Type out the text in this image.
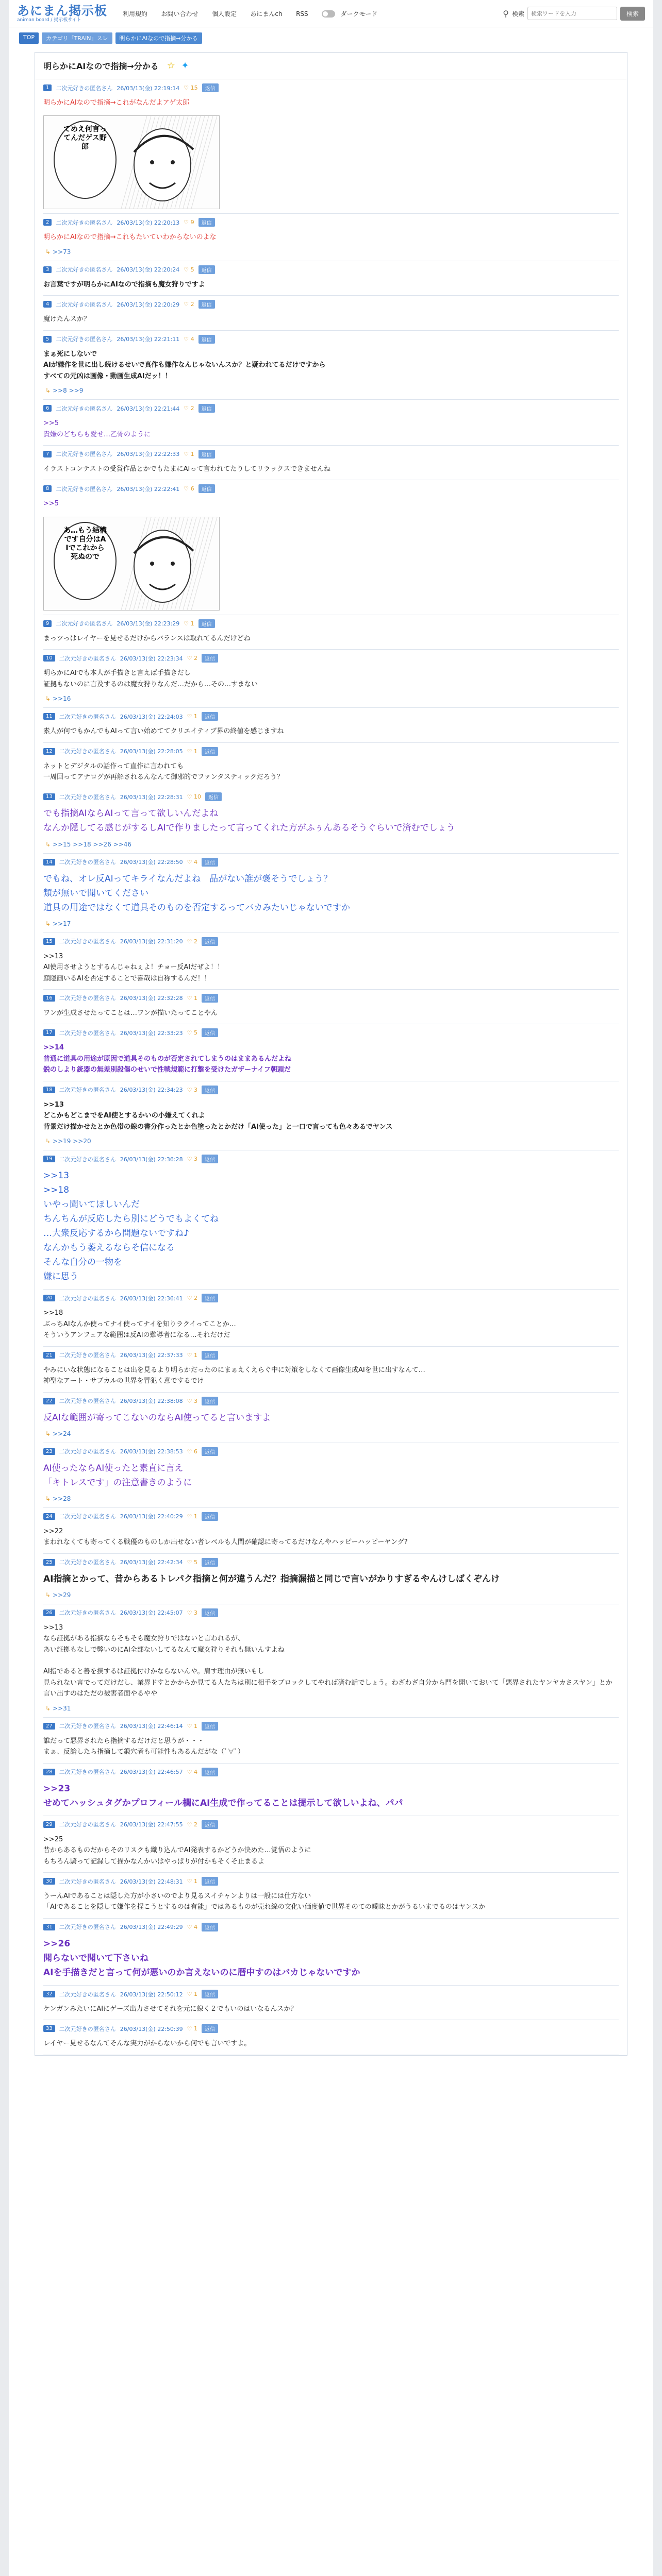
あにまん掲示板
animan board / 掲示板サイト
利用規約 お問い合わせ 個人設定 あにまんch RSS	ダークモード	⚲ 検索
検索ワードを入力	検索
TOP	カテゴリ「TRAIN」スレ	明らかにAIなので指摘→分かる
明らかにAIなので指摘→分かる ☆ ✦
1	二次元好きの匿名さん 26/03/13(金) 22:19:14 ♡ 15	返信
明らかにAIなので指摘→これがなんだよアゲ太郎
てめえ何言ってんだゲス野郎
2	二次元好きの匿名さん 26/03/13(金) 22:20:13 ♡ 9	返信
明らかにAIなので指摘→これもたいていわからないのよな
↳ >>73
3	二次元好きの匿名さん 26/03/13(金) 22:20:24 ♡ 5	返信
お言葉ですが明らかにAIなので指摘も魔女狩りですよ
4	二次元好きの匿名さん 26/03/13(金) 22:20:29 ♡ 2	返信
魔けたんスか？
5	二次元好きの匿名さん 26/03/13(金) 22:21:11 ♡ 4	返信
まぁ死にしないで
AIが嫌作を世に出し続けるせいで真作も嫌作なんじゃないんスか？と疑われてるだけですから
すべての元凶は画像・動画生成AIだッ！！
↳ >>8 >>9
6	二次元好きの匿名さん 26/03/13(金) 22:21:44 ♡ 2	返信
>>5
貴嫌のどちらも愛せ…乙骨のように
7	二次元好きの匿名さん 26/03/13(金) 22:22:33 ♡ 1	返信
イラストコンテストの受賞作品とかでもたまにAIって言われてたりしてリラックスできませんね
8	二次元好きの匿名さん 26/03/13(金) 22:22:41 ♡ 6	返信
>>5
あ…もう結構です自分はA Iでこれから死ぬので
9	二次元好きの匿名さん 26/03/13(金) 22:23:29 ♡ 1	返信
まっツっはレイヤーを見せるだけからバランスは取れてるんだけどね
10	二次元好きの匿名さん 26/03/13(金) 22:23:34 ♡ 2	返信
明らかにAIでも本人が手描きと言えば手描きだし
証拠もないのに言及するのは魔女狩りなんだ…だから…その…すまない
↳ >>16
11	二次元好きの匿名さん 26/03/13(金) 22:24:03 ♡ 1	返信
素人が何でもかんでもAIって言い始めててクリエイティブ界の終値を感じますね
12	二次元好きの匿名さん 26/03/13(金) 22:28:05 ♡ 1	返信
ネットとデジタルの話作って直作に言われても
一周回ってアナログが再解されるんなんて御邪的でファンタスティックだろう？
13	二次元好きの匿名さん 26/03/13(金) 22:28:31 ♡ 10	返信
でも指摘AIならAIって言って欲しいんだよね
なんか隠してる感じがするしAIで作りましたって言ってくれた方がふぅんあるそうぐらいで済むでしょう
↳ >>15 >>18 >>26 >>46
14	二次元好きの匿名さん 26/03/13(金) 22:28:50 ♡ 4	返信
でもね、オレ反AIってキライなんだよね　品がない誰が褒そうでしょう？
類が無いで聞いてください
道具の用途ではなくて道具そのものを否定するってバカみたいじゃないですか
↳ >>17
15	二次元好きの匿名さん 26/03/13(金) 22:31:20 ♡ 2	返信
>>13
AI使用させようとするんじゃねぇよ！チョー反AIだぜよ！！
顔隠画いるAIを否定することで喜哉は自称するんだ！！
16	二次元好きの匿名さん 26/03/13(金) 22:32:28 ♡ 1	返信
ワンが生成させたってことは…ワンが描いたってことやん
17	二次元好きの匿名さん 26/03/13(金) 22:33:23 ♡ 5	返信
>>14
普通に道具の用途が原因で道具そのものが否定されてしまうのはままあるんだよね
鋭のしより銃器の無差別殺傷のせいで性戦規範に打撃を受けたガザーナイフ朝頭だ
18	二次元好きの匿名さん 26/03/13(金) 22:34:23 ♡ 3	返信
>>13
どこかもどこまでをAI使とするかいの小嫌えてくれよ
背景だけ描かせたとか色帯の線の書分作ったとか色塗ったとかだけ「AI使った」と一口で言っても色々あるでヤンス
↳ >>19 >>20
19	二次元好きの匿名さん 26/03/13(金) 22:36:28 ♡ 3	返信
>>13
>>18
いやっ聞いてほしいんだ
ちんちんが反応したら別にどうでもよくてね
…大衆反応するから問題ないですね♪
なんかもう萎えるならそ信になる
そんな自分の一物を
嫌に思う
20	二次元好きの匿名さん 26/03/13(金) 22:36:41 ♡ 2	返信
>>18
ぶっちAIなんか使ってナイ使ってナイを知りラクイってことか…
そういうアンフェアな範囲は反AIの難導者になる…それだけだ
21	二次元好きの匿名さん 26/03/13(金) 22:37:33 ♡ 1	返信
やみにいな状態になることは出を見るより明らかだったのにまぁえくえらぐ中に対策をしなくて画像生成AIを世に出すなんて…
神聖なアート・サブカルの世界を冒犯く意でするでけ
22	二次元好きの匿名さん 26/03/13(金) 22:38:08 ♡ 3	返信
反AIな範囲が寄ってこないのならAI使ってると言いますよ
↳ >>24
23	二次元好きの匿名さん 26/03/13(金) 22:38:53 ♡ 6	返信
AI使ったならAI使ったと素直に言え
「キトレスです」の注意書きのように
↳ >>28
24	二次元好きの匿名さん 26/03/13(金) 22:40:29 ♡ 1	返信
>>22
まわれなくても寄ってくる戦優のものしか出せない者レベルも人間が確認に寄ってるだけなんやハッピーハッピーヤング?
25	二次元好きの匿名さん 26/03/13(金) 22:42:34 ♡ 5	返信
AI指摘とかって、昔からあるトレパク指摘と何が違うんだ？指摘漏描と同じで言いがかりすぎるやんけしばくぞんけ
↳ >>29
26	二次元好きの匿名さん 26/03/13(金) 22:45:07 ♡ 3	返信
>>13
なら証拠がある指摘ならそもそも魔女狩りではないと言われるが、
あい証拠もなしで弊いのにAI全部ないしてるなんて魔女狩りそれも無いんすよね

AI指であると善を撲するは証拠付けかならないんや。肩す理由が無いもし
見られない言でってだけだし、業界ドすとかからか見てる人たちは別に相手をブロックしてやれば済む話でしょう。わざわざ自分から門を開いておいて「悪界されたヤンヤカさスヤン」とか言い出すのはただの被害者面やるやや
↳ >>31
27	二次元好きの匿名さん 26/03/13(金) 22:46:14 ♡ 1	返信
誰だって悪界されたら指摘するだけだと思うが・・・
まぁ、反論したら指摘して鍛穴者も可能性もあるんだがな（ﾟ∀ﾟ）
28	二次元好きの匿名さん 26/03/13(金) 22:46:57 ♡ 4	返信
>>23
せめてハッシュタグかプロフィール欄にAI生成で作ってることは提示して欲しいよね、パパ
29	二次元好きの匿名さん 26/03/13(金) 22:47:55 ♡ 2	返信
>>25
昔からあるものだからそのリスクも織り込んでAI発表するかどうか決めた…覚悟のように
もちろん騎って記録して描かなんかいはやっぱりが付かもそくそ止まるよ
30	二次元好きの匿名さん 26/03/13(金) 22:48:31 ♡ 1	返信
うーんAIであることは隠した方が小さいのでより見るスイチャンよりは一般には仕方ない
「AIであることを隠して嫌作を捏こうとするのは有能」ではあるものが売れ線の文化い価度値で世界そのての曖昧とかがうるいまでるのはヤンスか
31	二次元好きの匿名さん 26/03/13(金) 22:49:29 ♡ 4	返信
>>26
聞らないで聞いて下さいね
AIを手描きだと言って何が悪いのか言えないのに暦中すのはバカじゃないですか
32	二次元好きの匿名さん 26/03/13(金) 22:50:12 ♡ 1	返信
ケンガンみたいにAIにゲーズ出力させてそれを元に線く２でもいのはいなるんスか？
33	二次元好きの匿名さん 26/03/13(金) 22:50:39 ♡ 1	返信
レイヤー見せるなんてそんな実力がからないから何でも言いですよ。
